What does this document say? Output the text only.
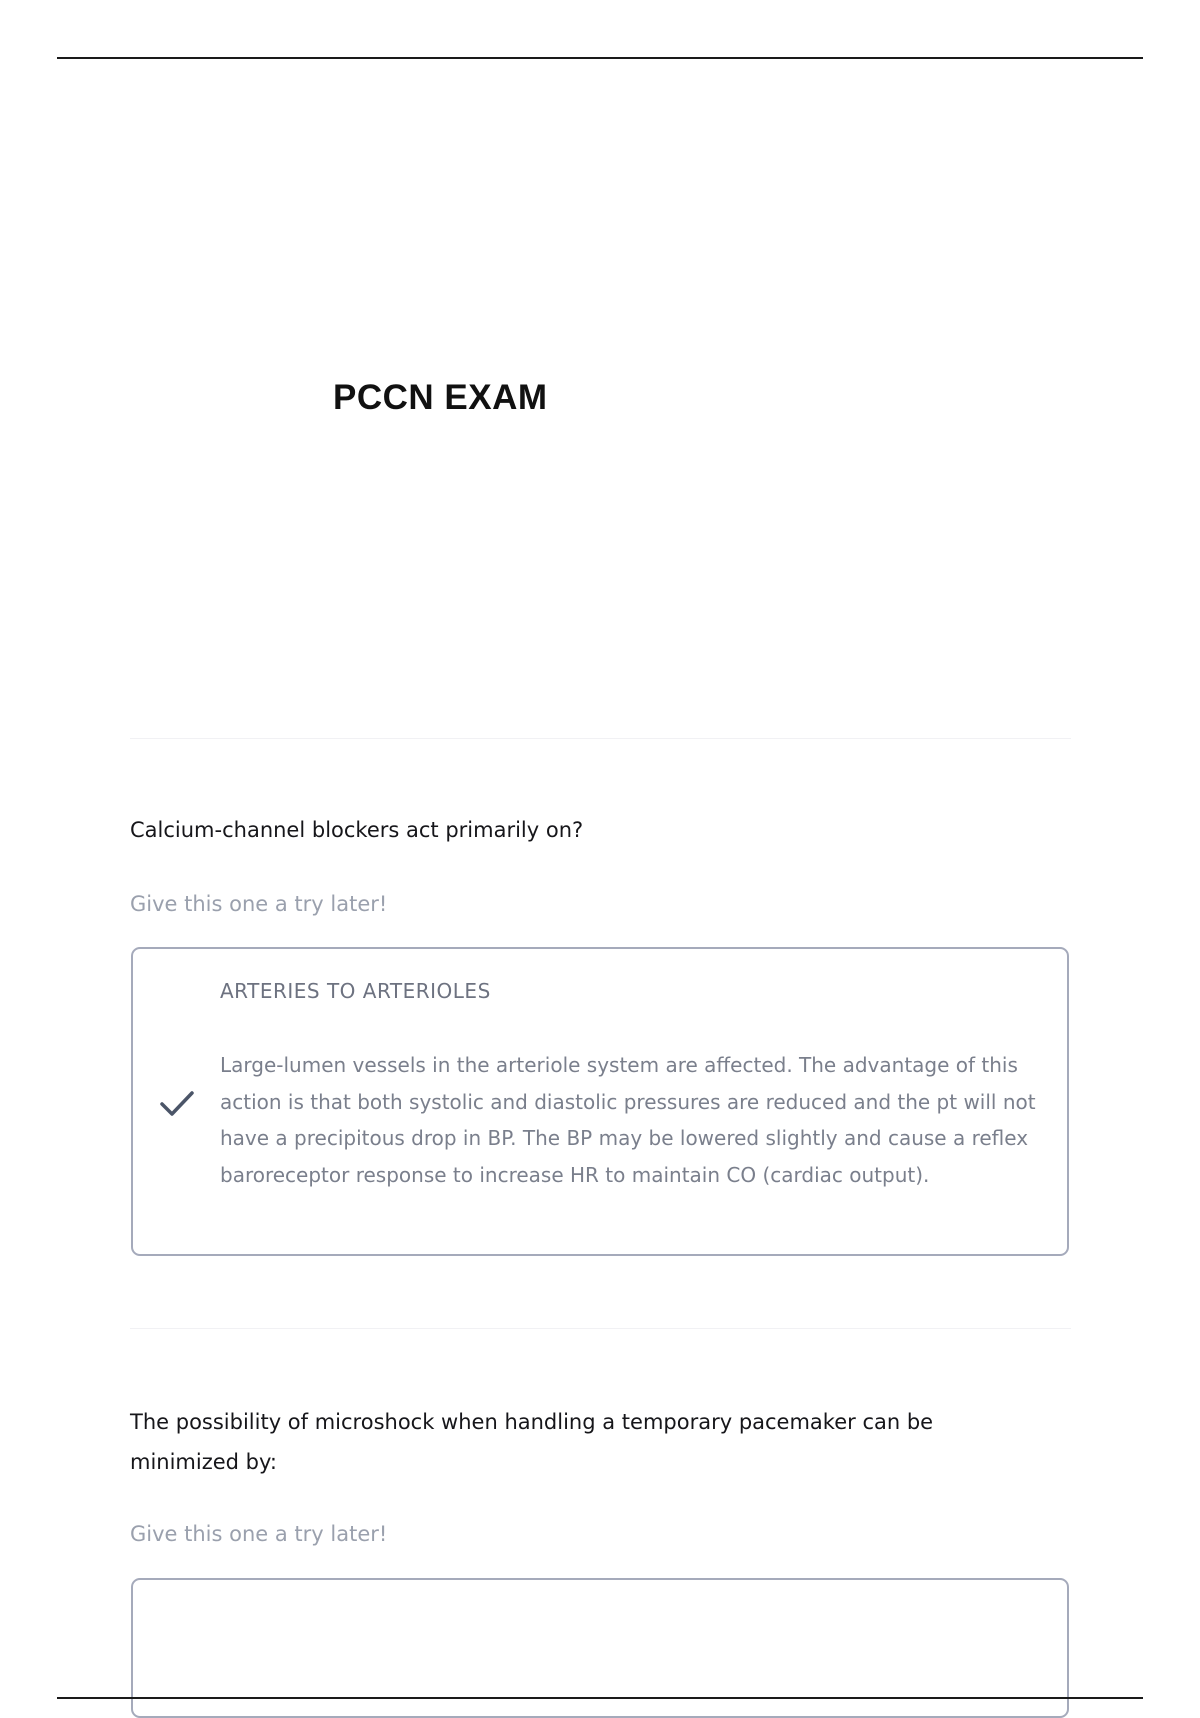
PCCN EXAM

Calcium-channel blockers act primarily on?

Give this one a try later!

ARTERIES TO ARTERIOLES

Large-lumen vessels in the arteriole system are affected. The advantage of this action is that both systolic and diastolic pressures are reduced and the pt will not have a precipitous drop in BP. The BP may be lowered slightly and cause a reflex baroreceptor response to increase HR to maintain CO (cardiac output).

The possibility of microshock when handling a temporary pacemaker can be minimized by:

Give this one a try later!
